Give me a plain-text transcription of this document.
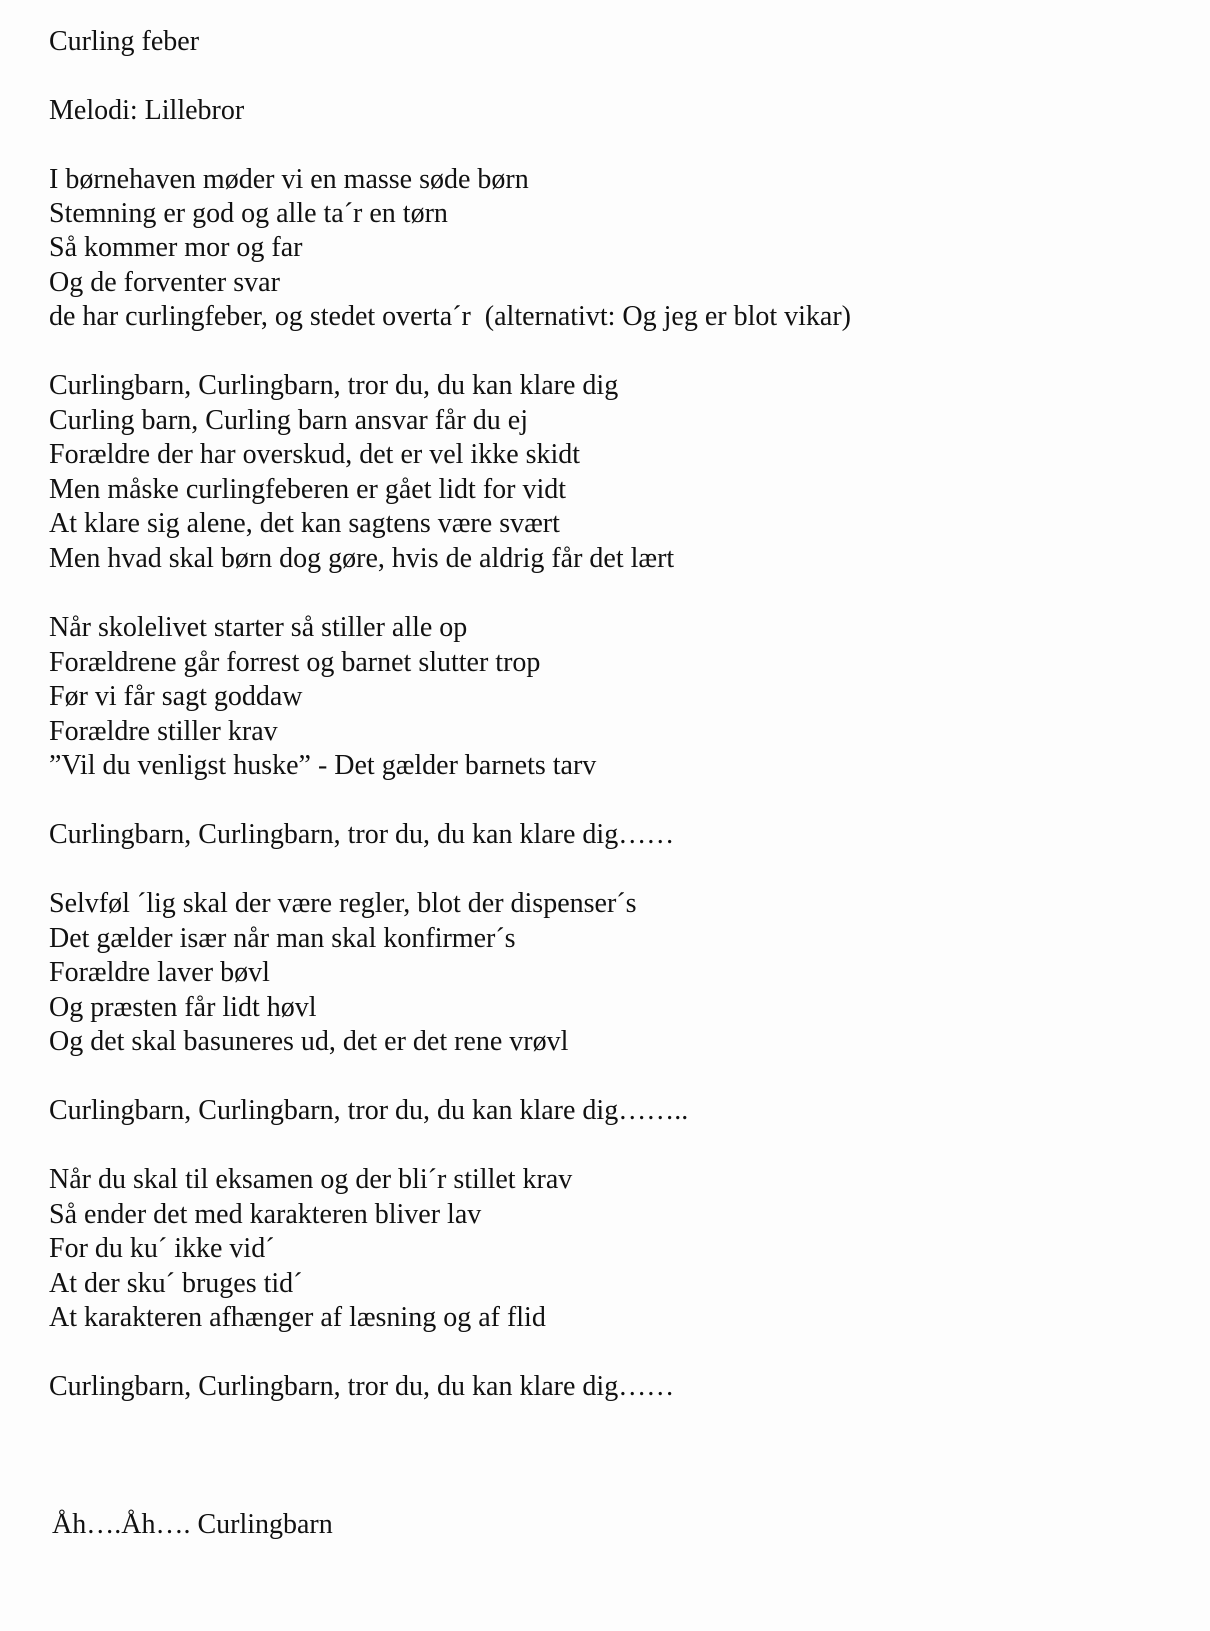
Curling feber
Melodi: Lillebror
I børnehaven møder vi en masse søde børn
Stemning er god og alle ta´r en tørn
Så kommer mor og far
Og de forventer svar
de har curlingfeber, og stedet overta´r  (alternativt: Og jeg er blot vikar)
Curlingbarn, Curlingbarn, tror du, du kan klare dig
Curling barn, Curling barn ansvar får du ej
Forældre der har overskud, det er vel ikke skidt
Men måske curlingfeberen er gået lidt for vidt
At klare sig alene, det kan sagtens være svært
Men hvad skal børn dog gøre, hvis de aldrig får det lært
Når skolelivet starter så stiller alle op
Forældrene går forrest og barnet slutter trop
Før vi får sagt goddaw
Forældre stiller krav
”Vil du venligst huske” - Det gælder barnets tarv
Curlingbarn, Curlingbarn, tror du, du kan klare dig……
Selvføl ´lig skal der være regler, blot der dispenser´s
Det gælder især når man skal konfirmer´s
Forældre laver bøvl
Og præsten får lidt høvl
Og det skal basuneres ud, det er det rene vrøvl
Curlingbarn, Curlingbarn, tror du, du kan klare dig……..
Når du skal til eksamen og der bli´r stillet krav
Så ender det med karakteren bliver lav
For du ku´ ikke vid´
At der sku´ bruges tid´
At karakteren afhænger af læsning og af flid
Curlingbarn, Curlingbarn, tror du, du kan klare dig……
Åh….Åh…. Curlingbarn
